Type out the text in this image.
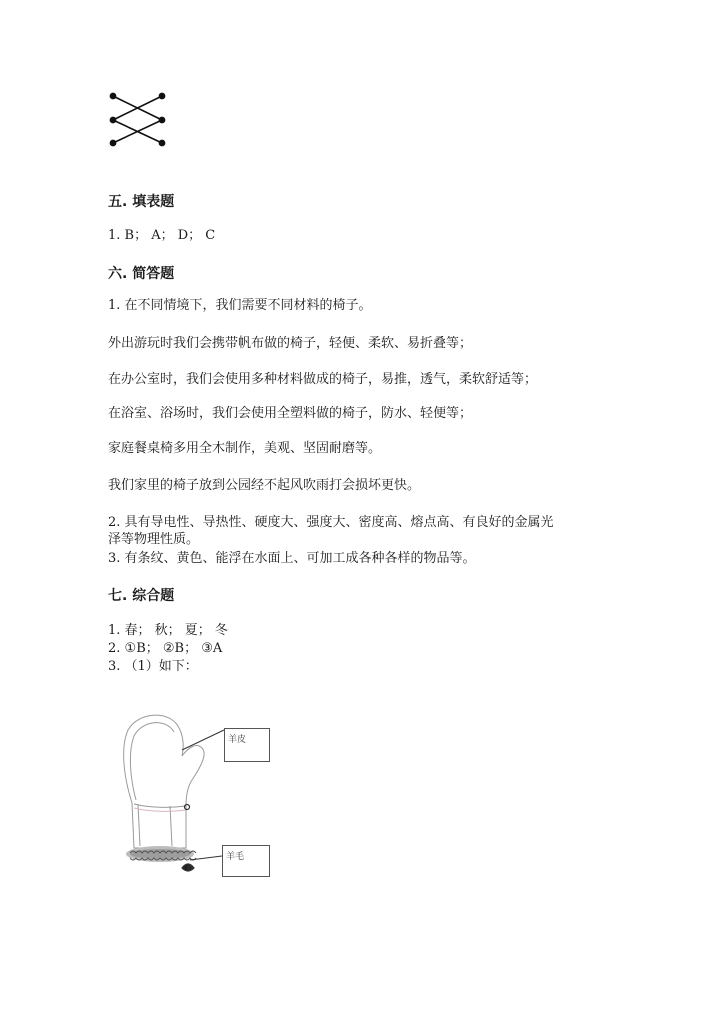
五. 填表题
1. B； A； D； C
六. 简答题
1. 在不同情境下，我们需要不同材料的椅子。
外出游玩时我们会携带帆布做的椅子，轻便、柔软、易折叠等；
在办公室时，我们会使用多种材料做成的椅子，易推，透气，柔软舒适等；
在浴室、浴场时，我们会使用全塑料做的椅子，防水、轻便等；
家庭餐桌椅多用全木制作，美观、坚固耐磨等。
我们家里的椅子放到公园经不起风吹雨打会损坏更快。
2. 具有导电性、导热性、硬度大、强度大、密度高、熔点高、有良好的金属光
泽等物理性质。
3. 有条纹、黄色、能浮在水面上、可加工成各种各样的物品等。
七. 综合题
1. 春； 秋； 夏； 冬
2. ①B； ②B； ③A
3. （1）如下：
羊皮
羊毛
